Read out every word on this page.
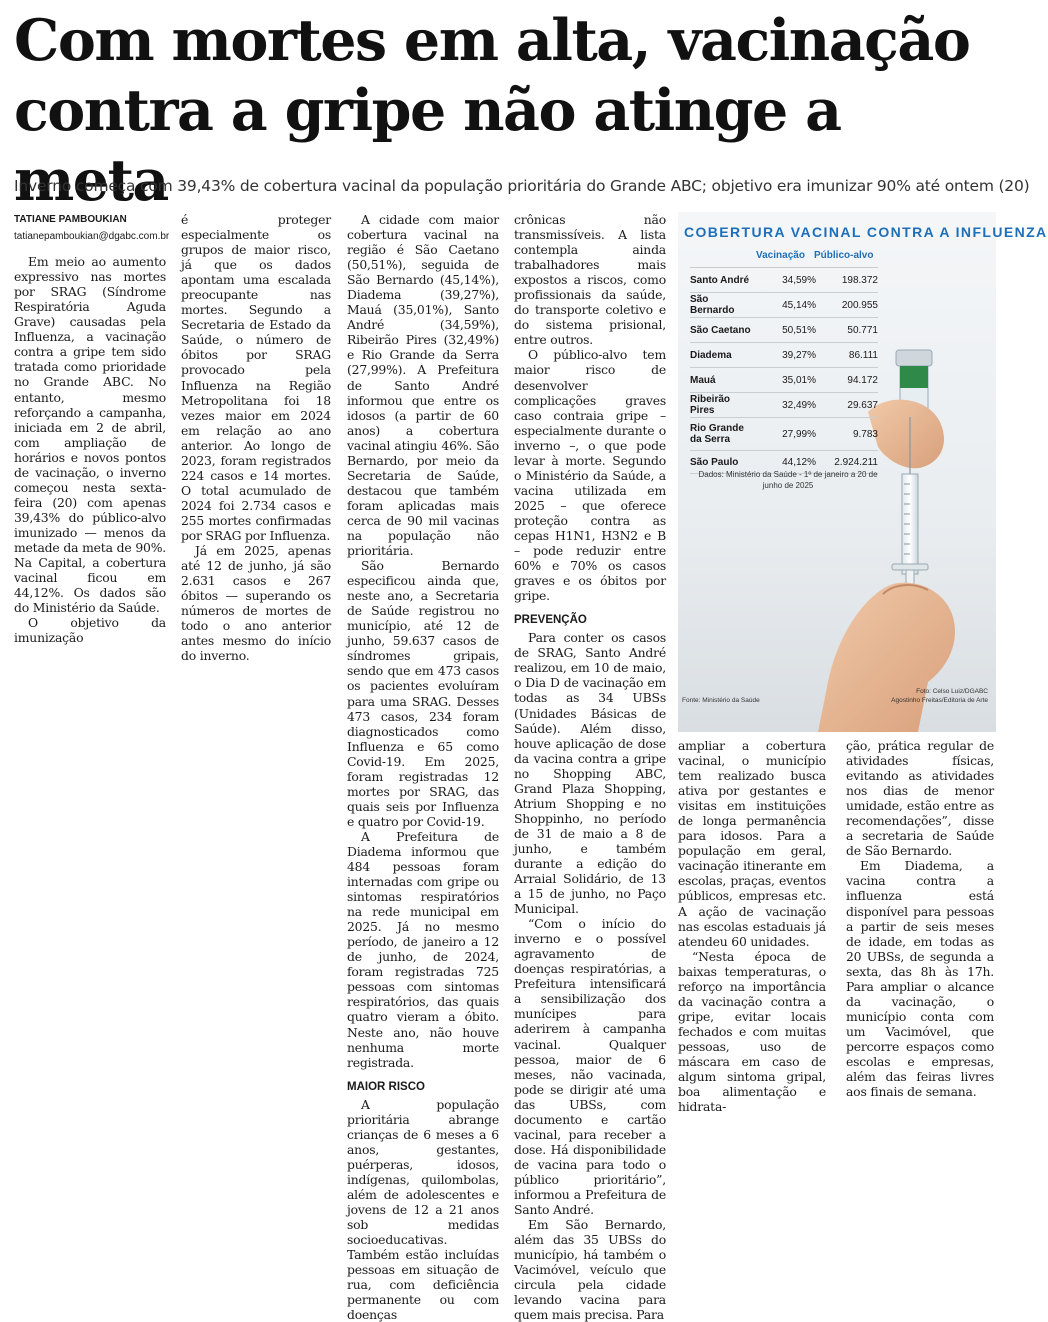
Com mortes em alta, vacinação contra a gripe não atinge a meta

Inverno começa com 39,43% de cobertura vacinal da população prioritária do Grande ABC; objetivo era imunizar 90% até ontem (20)

TATIANE PAMBOUKIAN

tatianepamboukian@dgabc.com.br

Em meio ao aumento expressivo nas mortes por SRAG (Síndrome Respiratória Aguda Grave) causadas pela Influenza, a vacinação contra a gripe tem sido tratada como prioridade no Grande ABC. No entanto, mesmo reforçando a campanha, iniciada em 2 de abril, com ampliação de horários e novos pontos de vacinação, o inverno começou nesta sexta-feira (20) com apenas 39,43% do público-alvo imunizado — menos da metade da meta de 90%. Na Capital, a cobertura vacinal ficou em 44,12%. Os dados são do Ministério da Saúde.

O objetivo da imunização

é proteger especialmente os grupos de maior risco, já que os dados apontam uma escalada preocupante nas mortes. Segundo a Secretaria de Estado da Saúde, o número de óbitos por SRAG provocado pela Influenza na Região Metropolitana foi 18 vezes maior em 2024 em relação ao ano anterior. Ao longo de 2023, foram registrados 224 casos e 14 mortes. O total acumulado de 2024 foi 2.734 casos e 255 mortes confirmadas por SRAG por Influenza.

Já em 2025, apenas até 12 de junho, já são 2.631 casos e 267 óbitos — superando os números de mortes de todo o ano anterior antes mesmo do início do inverno.

A cidade com maior cobertura vacinal na região é São Caetano (50,51%), seguida de São Bernardo (45,14%), Diadema (39,27%), Mauá (35,01%), Santo André (34,59%), Ribeirão Pires (32,49%) e Rio Grande da Serra (27,99%). A Prefeitura de Santo André informou que entre os idosos (a partir de 60 anos) a cobertura vacinal atingiu 46%. São Bernardo, por meio da Secretaria de Saúde, destacou que também foram aplicadas mais cerca de 90 mil vacinas na população não prioritária.

São Bernardo especificou ainda que, neste ano, a Secretaria de Saúde registrou no município, até 12 de junho, 59.637 casos de síndromes gripais, sendo que em 473 casos os pacientes evoluíram para uma SRAG. Desses 473 casos, 234 foram diagnosticados como Influenza e 65 como Covid-19. Em 2025, foram registradas 12 mortes por SRAG, das quais seis por Influenza e quatro por Covid-19.

A Prefeitura de Diadema informou que 484 pessoas foram internadas com gripe ou sintomas respiratórios na rede municipal em 2025. Já no mesmo período, de janeiro a 12 de junho, de 2024, foram registradas 725 pessoas com sintomas respiratórios, das quais quatro vieram a óbito. Neste ano, não houve nenhuma morte registrada.

MAIOR RISCO

A população prioritária abrange crianças de 6 meses a 6 anos, gestantes, puérperas, idosos, indígenas, quilombolas, além de adolescentes e jovens de 12 a 21 anos sob medidas socioeducativas. Também estão incluídas pessoas em situação de rua, com deficiência permanente ou com doenças

crônicas não transmissíveis. A lista contempla ainda trabalhadores mais expostos a riscos, como profissionais da saúde, do transporte coletivo e do sistema prisional, entre outros.

O público-alvo tem maior risco de desenvolver complicações graves caso contraia gripe – especialmente durante o inverno –, o que pode levar à morte. Segundo o Ministério da Saúde, a vacina utilizada em 2025 – que oferece proteção contra as cepas H1N1, H3N2 e B – pode reduzir entre 60% e 70% os casos graves e os óbitos por gripe.

PREVENÇÃO

Para conter os casos de SRAG, Santo André realizou, em 10 de maio, o Dia D de vacinação em todas as 34 UBSs (Unidades Básicas de Saúde). Além disso, houve aplicação de dose da vacina contra a gripe no Shopping ABC, Grand Plaza Shopping, Atrium Shopping e no Shoppinho, no período de 31 de maio a 8 de junho, e também durante a edição do Arraial Solidário, de 13 a 15 de junho, no Paço Municipal.

“Com o início do inverno e o possível agravamento de doenças respiratórias, a Prefeitura intensificará a sensibilização dos munícipes para aderirem à campanha vacinal. Qualquer pessoa, maior de 6 meses, não vacinada, pode se dirigir até uma das UBSs, com documento e cartão vacinal, para receber a dose. Há disponibilidade de vacina para todo o público prioritário”, informou a Prefeitura de Santo André.

Em São Bernardo, além das 35 UBSs do município, há também o Vacimóvel, veículo que circula pela cidade levando vacina para quem mais precisa. Para

COBERTURA VACINAL CONTRA A INFLUENZA
Vacinação Público-alvo
Santo André	34,59%	198.372
São Bernardo	45,14%	200.955
São Caetano	50,51%	50.771
Diadema	39,27%	86.111
Mauá	35,01%	94.172
Ribeirão Pires	32,49%	29.637
Rio Grande da Serra	27,99%	9.783
São Paulo	44,12%	2.924.211
Dados: Ministério da Saúde - 1º de janeiro a 20 de junho de 2025
Foto: Celso Luiz/DGABC
Fonte: Ministério da Saúde	Agostinho Freitas/Editoria de Arte

ampliar a cobertura vacinal, o município tem realizado busca ativa por gestantes e visitas em instituições de longa permanência para idosos. Para a população em geral, vacinação itinerante em escolas, praças, eventos públicos, empresas etc. A ação de vacinação nas escolas estaduais já atendeu 60 unidades.

“Nesta época de baixas temperaturas, o reforço na importância da vacinação contra a gripe, evitar locais fechados e com muitas pessoas, uso de máscara em caso de algum sintoma gripal, boa alimentação e hidrata-

ção, prática regular de atividades físicas, evitando as atividades nos dias de menor umidade, estão entre as recomendações”, disse a secretaria de Saúde de São Bernardo.

Em Diadema, a vacina contra a influenza está disponível para pessoas a partir de seis meses de idade, em todas as 20 UBSs, de segunda a sexta, das 8h às 17h. Para ampliar o alcance da vacinação, o município conta com um Vacimóvel, que percorre espaços como escolas e empresas, além das feiras livres aos finais de semana.
